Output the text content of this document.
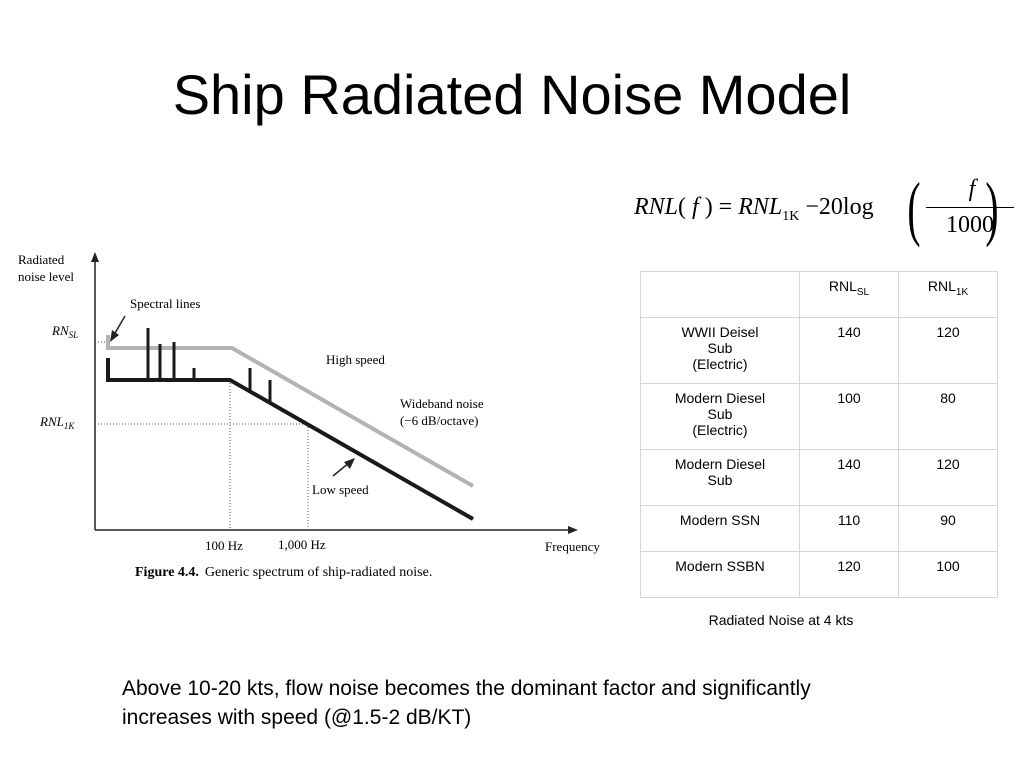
Ship Radiated Noise Model
RNL( f ) = $RNL_{1K} -20\log$ (	f
1000
)
Radiated
noise level
$RN_{SL}$
$RNL_{1K}$
Spectral lines
High speed
Wideband noise
(−6 dB/octave)
Low speed
100 Hz	1,000 Hz	Frequency
Figure 4.4. Generic spectrum of ship-radiated noise.
	$RNL_{SL}$	$RNL_{1K}$

WWII Deisel
Sub
(Electric)	140	120

Modern Diesel
Sub
(Electric)	100	80

Modern Diesel
Sub	140	120

Modern SSN	110	90

Modern SSBN	120	100
Radiated Noise at 4 kts
Above 10-20 kts, flow noise becomes the dominant factor and significantly increases with speed (@1.5-2 dB/KT)
